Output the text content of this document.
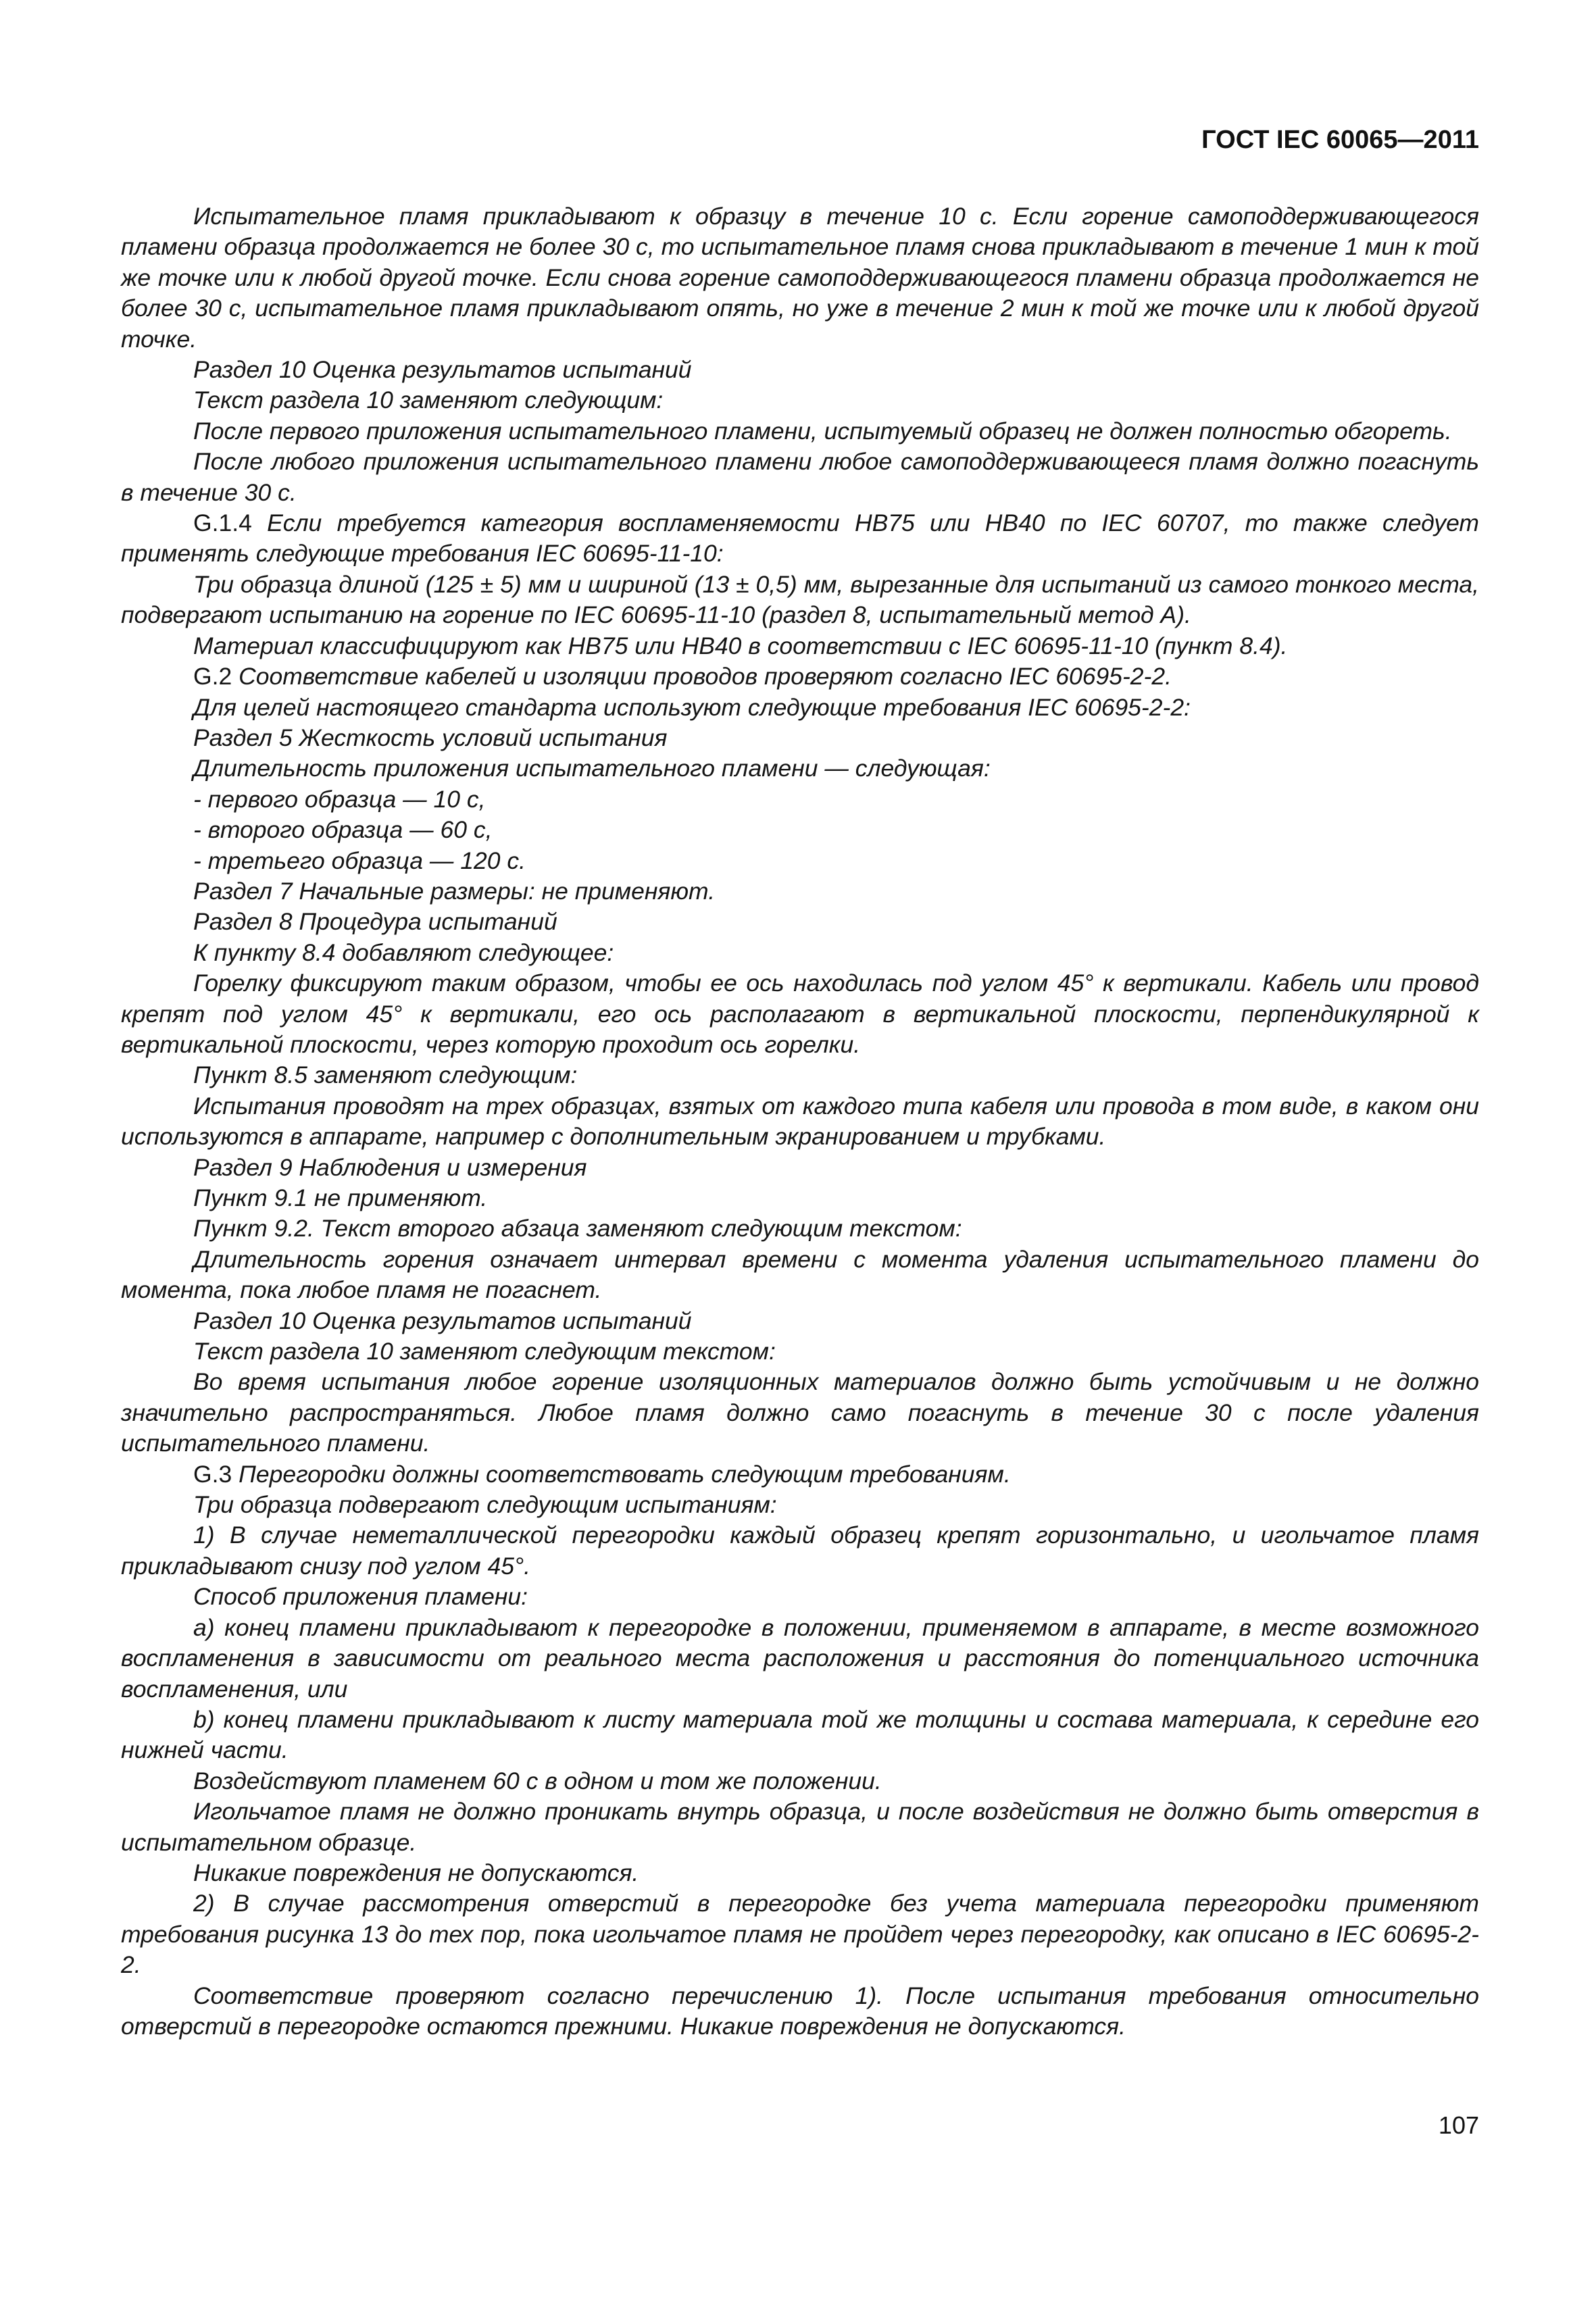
ГОСТ IEC 60065—2011

Испытательное пламя прикладывают к образцу в течение 10 с. Если горение самоподдерживающегося пламени образца продолжается не более 30 с, то испытательное пламя снова прикладывают в течение 1 мин к той же точке или к любой другой точке. Если снова горение самоподдерживающегося пламени образца продолжается не более 30 с, испытательное пламя прикладывают опять, но уже в течение 2 мин к той же точке или к любой другой точке.

Раздел 10 Оценка результатов испытаний

Текст раздела 10 заменяют следующим:

После первого приложения испытательного пламени, испытуемый образец не должен полностью обгореть.

После любого приложения испытательного пламени любое самоподдерживающееся пламя должно погаснуть в течение 30 с.

G.1.4 Если требуется категория воспламеняемости НВ75 или НВ40 по IEC 60707, то также следует применять следующие требования IEC 60695-11-10:

Три образца длиной (125 ± 5) мм и шириной (13 ± 0,5) мм, вырезанные для испытаний из самого тонкого места, подвергают испытанию на горение по IEC 60695-11-10 (раздел 8, испытательный метод А).

Материал классифицируют как НВ75 или НВ40 в соответствии с IEC 60695-11-10 (пункт 8.4).

G.2 Соответствие кабелей и изоляции проводов проверяют согласно IEC 60695-2-2.

Для целей настоящего стандарта используют следующие требования IEC 60695-2-2:

Раздел 5 Жесткость условий испытания

Длительность приложения испытательного пламени — следующая:

- первого образца — 10 с,

- второго образца — 60 с,

- третьего образца — 120 с.

Раздел 7 Начальные размеры: не применяют.

Раздел 8 Процедура испытаний

К пункту 8.4 добавляют следующее:

Горелку фиксируют таким образом, чтобы ее ось находилась под углом 45° к вертикали. Кабель или провод крепят под углом 45° к вертикали, его ось располагают в вертикальной плоскости, перпендикулярной к вертикальной плоскости, через которую проходит ось горелки.

Пункт 8.5 заменяют следующим:

Испытания проводят на трех образцах, взятых от каждого типа кабеля или провода в том виде, в каком они используются в аппарате, например с дополнительным экранированием и трубками.

Раздел 9 Наблюдения и измерения

Пункт 9.1 не применяют.

Пункт 9.2. Текст второго абзаца заменяют следующим текстом:

Длительность горения означает интервал времени с момента удаления испытательного пламени до момента, пока любое пламя не погаснет.

Раздел 10 Оценка результатов испытаний

Текст раздела 10 заменяют следующим текстом:

Во время испытания любое горение изоляционных материалов должно быть устойчивым и не должно значительно распространяться. Любое пламя должно само погаснуть в течение 30 с после удаления испытательного пламени.

G.3 Перегородки должны соответствовать следующим требованиям.

Три образца подвергают следующим испытаниям:

1) В случае неметаллической перегородки каждый образец крепят горизонтально, и игольчатое пламя прикладывают снизу под углом 45°.

Способ приложения пламени:

a) конец пламени прикладывают к перегородке в положении, применяемом в аппарате, в месте возможного воспламенения в зависимости от реального места расположения и расстояния до потенциального источника воспламенения, или

b) конец пламени прикладывают к листу материала той же толщины и состава материала, к середине его нижней части.

Воздействуют пламенем 60 с в одном и том же положении.

Игольчатое пламя не должно проникать внутрь образца, и после воздействия не должно быть отверстия в испытательном образце.

Никакие повреждения не допускаются.

2) В случае рассмотрения отверстий в перегородке без учета материала перегородки применяют требования рисунка 13 до тех пор, пока игольчатое пламя не пройдет через перегородку, как описано в IEC 60695-2-2.

Соответствие проверяют согласно перечислению 1). После испытания требования относительно отверстий в перегородке остаются прежними. Никакие повреждения не допускаются.

107
